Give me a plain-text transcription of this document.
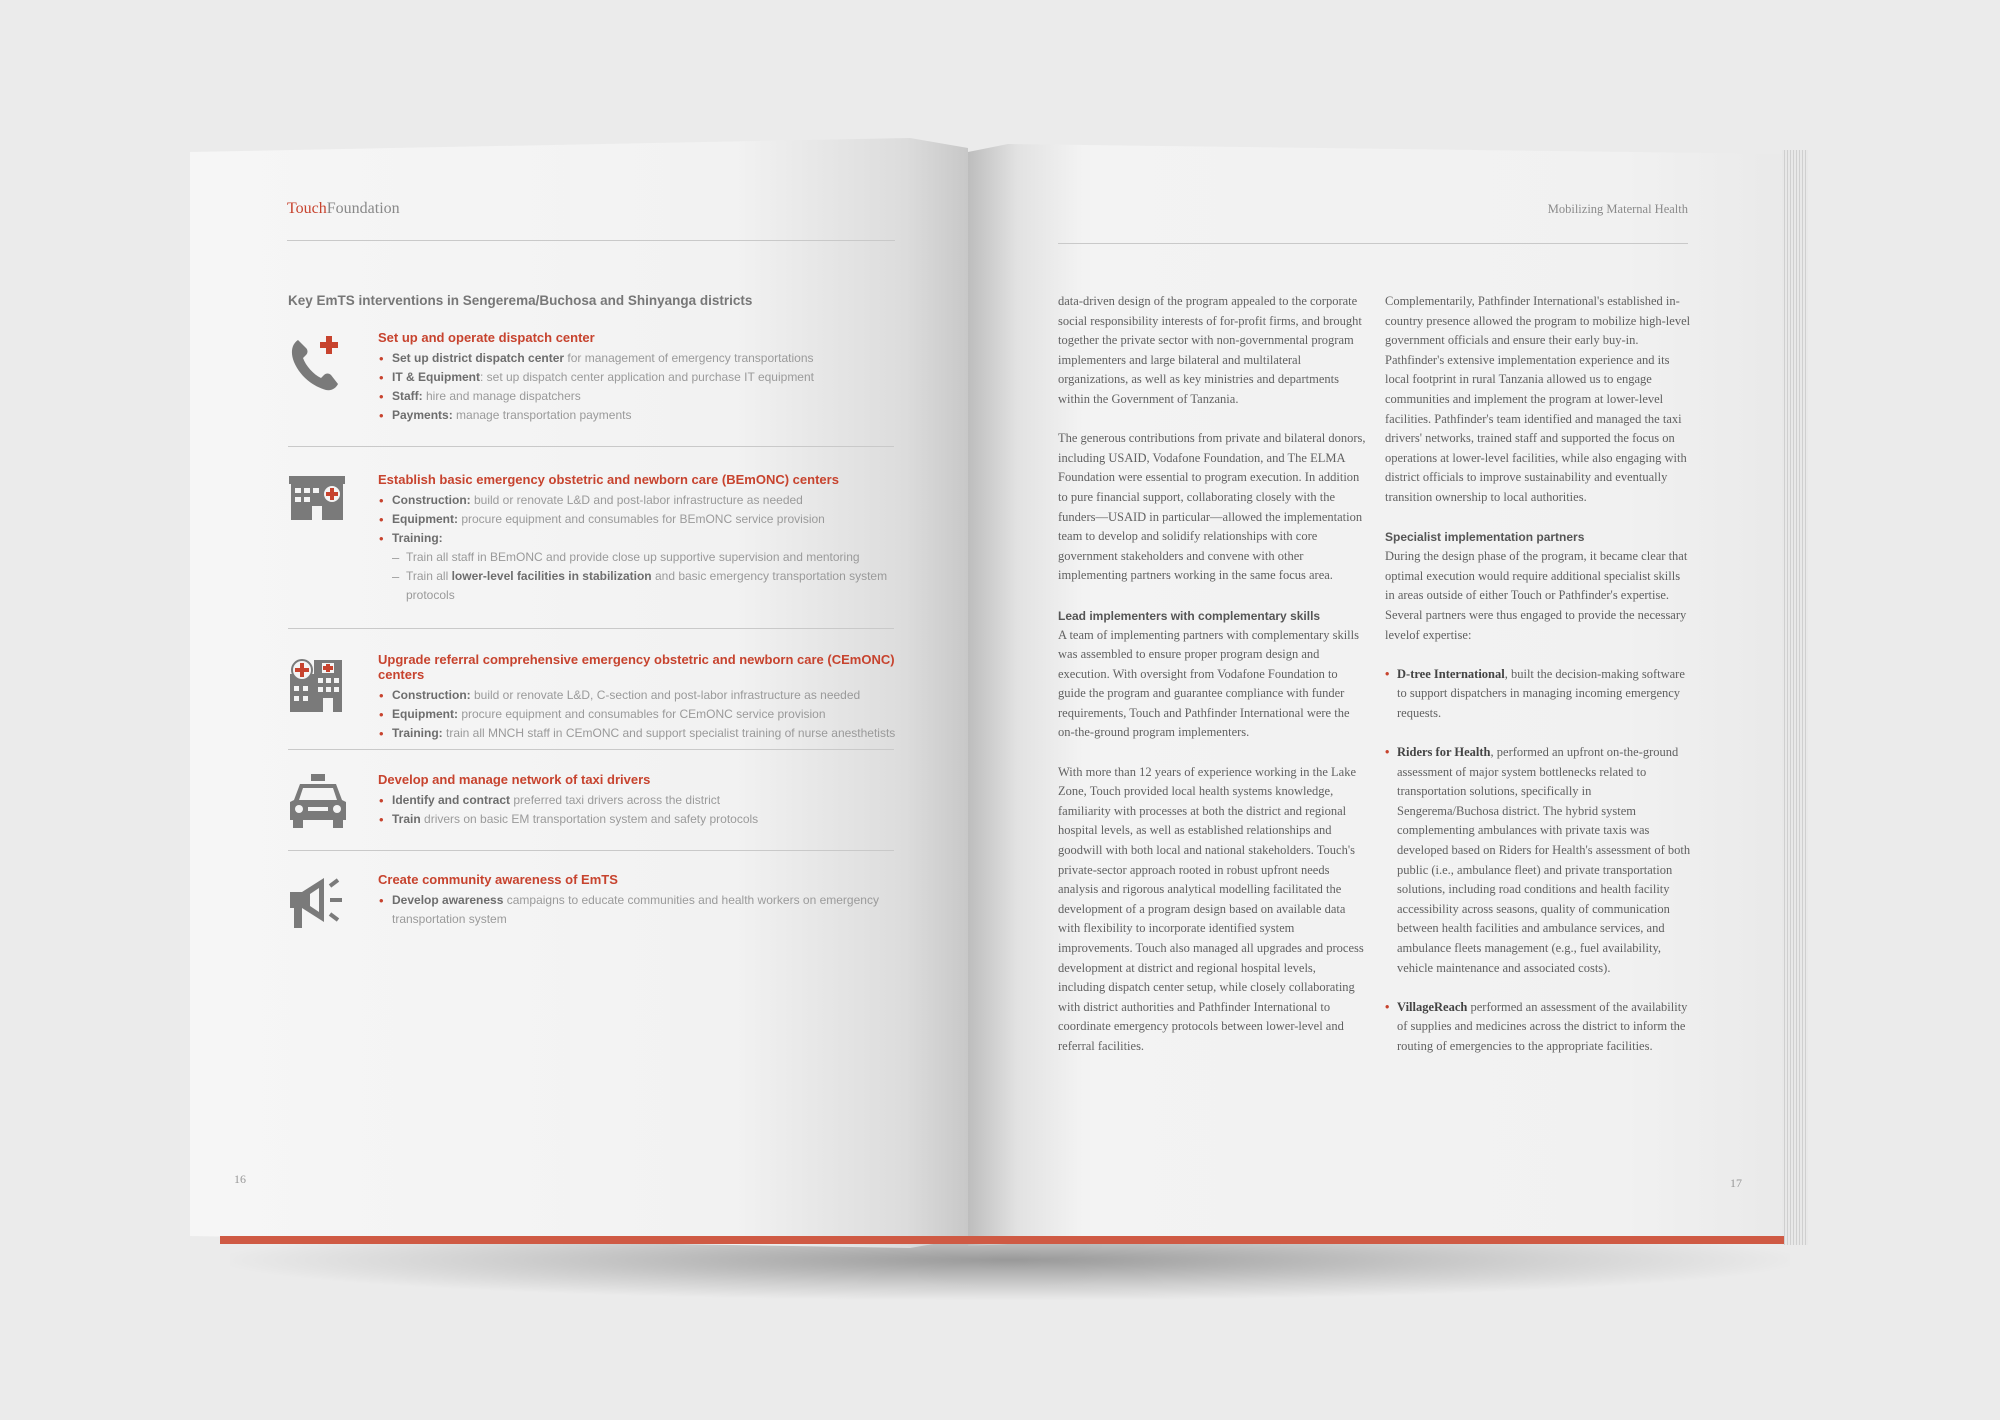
TouchFoundation
Key EmTS interventions in Sengerema/Buchosa and Shinyanga districts
Set up and operate dispatch center
• Set up district dispatch center for management of emergency transportations
• IT & Equipment: set up dispatch center application and purchase IT equipment
• Staff: hire and manage dispatchers
• Payments: manage transportation payments
Establish basic emergency obstetric and newborn care (BEmONC) centers
• Construction: build or renovate L&D and post-labor infrastructure as needed
• Equipment: procure equipment and consumables for BEmONC service provision
• Training:
– Train all staff in BEmONC and provide close up supportive supervision and mentoring
– Train all lower-level facilities in stabilization and basic emergency transportation system protocols
Upgrade referral comprehensive emergency obstetric and newborn care (CEmONC) centers
• Construction: build or renovate L&D, C-section and post-labor infrastructure as needed
• Equipment: procure equipment and consumables for CEmONC service provision
• Training: train all MNCH staff in CEmONC and support specialist training of nurse anesthetists
Develop and manage network of taxi drivers
• Identify and contract preferred taxi drivers across the district
• Train drivers on basic EM transportation system and safety protocols
Create community awareness of EmTS
• Develop awareness campaigns to educate communities and health workers on emergency transportation system
16
Mobilizing Maternal Health

data-driven design of the program appealed to the corporate social responsibility interests of for-profit firms, and brought together the private sector with non-governmental program implementers and large bilateral and multilateral organizations, as well as key ministries and departments within the Government of Tanzania.

The generous contributions from private and bilateral donors, including USAID, Vodafone Foundation, and The ELMA Foundation were essential to program execution. In addition to pure financial support, collaborating closely with the funders—USAID in particular—allowed the implementation team to develop and solidify relationships with core government stakeholders and convene with other implementing partners working in the same focus area.

Lead implementers with complementary skills

A team of implementing partners with complementary skills was assembled to ensure proper program design and execution. With oversight from Vodafone Foundation to guide the program and guarantee compliance with funder requirements, Touch and Pathfinder International were the on-the-ground program implementers.

With more than 12 years of experience working in the Lake Zone, Touch provided local health systems knowledge, familiarity with processes at both the district and regional hospital levels, as well as established relationships and goodwill with both local and national stakeholders. Touch's private-sector approach rooted in robust upfront needs analysis and rigorous analytical modelling facilitated the development of a program design based on available data with flexibility to incorporate identified system improvements. Touch also managed all upgrades and process development at district and regional hospital levels, including dispatch center setup, while closely collaborating with district authorities and Pathfinder International to coordinate emergency protocols between lower-level and referral facilities.

Complementarily, Pathfinder International's established in-country presence allowed the program to mobilize high-level government officials and ensure their early buy-in. Pathfinder's extensive implementation experience and its local footprint in rural Tanzania allowed us to engage communities and implement the program at lower-level facilities. Pathfinder's team identified and managed the taxi drivers' networks, trained staff and supported the focus on operations at lower-level facilities, while also engaging with district officials to improve sustainability and eventually transition ownership to local authorities.

Specialist implementation partners

During the design phase of the program, it became clear that optimal execution would require additional specialist skills in areas outside of either Touch or Pathfinder's expertise. Several partners were thus engaged to provide the necessary levelof expertise:

• D-tree International, built the decision-making software to support dispatchers in managing incoming emergency requests.
• Riders for Health, performed an upfront on-the-ground assessment of major system bottlenecks related to transportation solutions, specifically in Sengerema/Buchosa district. The hybrid system complementing ambulances with private taxis was developed based on Riders for Health's assessment of both public (i.e., ambulance fleet) and private transportation solutions, including road conditions and health facility accessibility across seasons, quality of communication between health facilities and ambulance services, and ambulance fleets management (e.g., fuel availability, vehicle maintenance and associated costs).
• VillageReach performed an assessment of the availability of supplies and medicines across the district to inform the routing of emergencies to the appropriate facilities.
17
